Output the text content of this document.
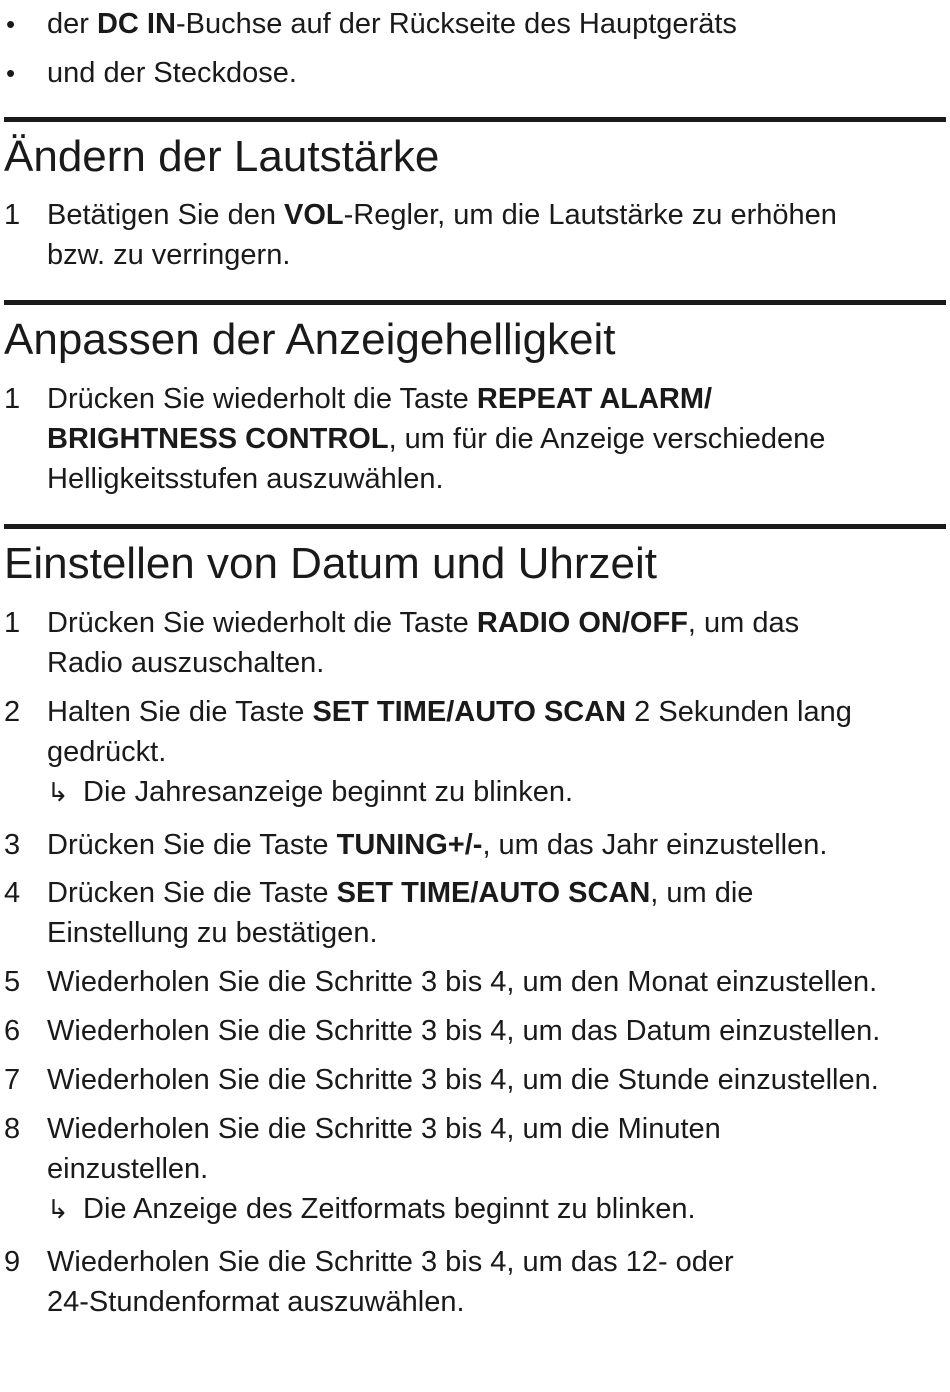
• der DC IN-Buchse auf der Rückseite des Hauptgeräts
• und der Steckdose.
Ändern der Lautstärke
1 Betätigen Sie den VOL-Regler, um die Lautstärke zu erhöhen
bzw. zu verringern.
Anpassen der Anzeigehelligkeit
1 Drücken Sie wiederholt die Taste REPEAT ALARM/
BRIGHTNESS CONTROL, um für die Anzeige verschiedene
Helligkeitsstufen auszuwählen.
Einstellen von Datum und Uhrzeit
1 Drücken Sie wiederholt die Taste RADIO ON/OFF, um das
Radio auszuschalten.
2 Halten Sie die Taste SET TIME/AUTO SCAN 2 Sekunden lang
gedrückt.
↳ Die Jahresanzeige beginnt zu blinken.
3 Drücken Sie die Taste TUNING+/-, um das Jahr einzustellen.
4 Drücken Sie die Taste SET TIME/AUTO SCAN, um die
Einstellung zu bestätigen.
5 Wiederholen Sie die Schritte 3 bis 4, um den Monat einzustellen.
6 Wiederholen Sie die Schritte 3 bis 4, um das Datum einzustellen.
7 Wiederholen Sie die Schritte 3 bis 4, um die Stunde einzustellen.
8 Wiederholen Sie die Schritte 3 bis 4, um die Minuten
einzustellen.
↳ Die Anzeige des Zeitformats beginnt zu blinken.
9 Wiederholen Sie die Schritte 3 bis 4, um das 12- oder
24-Stundenformat auszuwählen.
